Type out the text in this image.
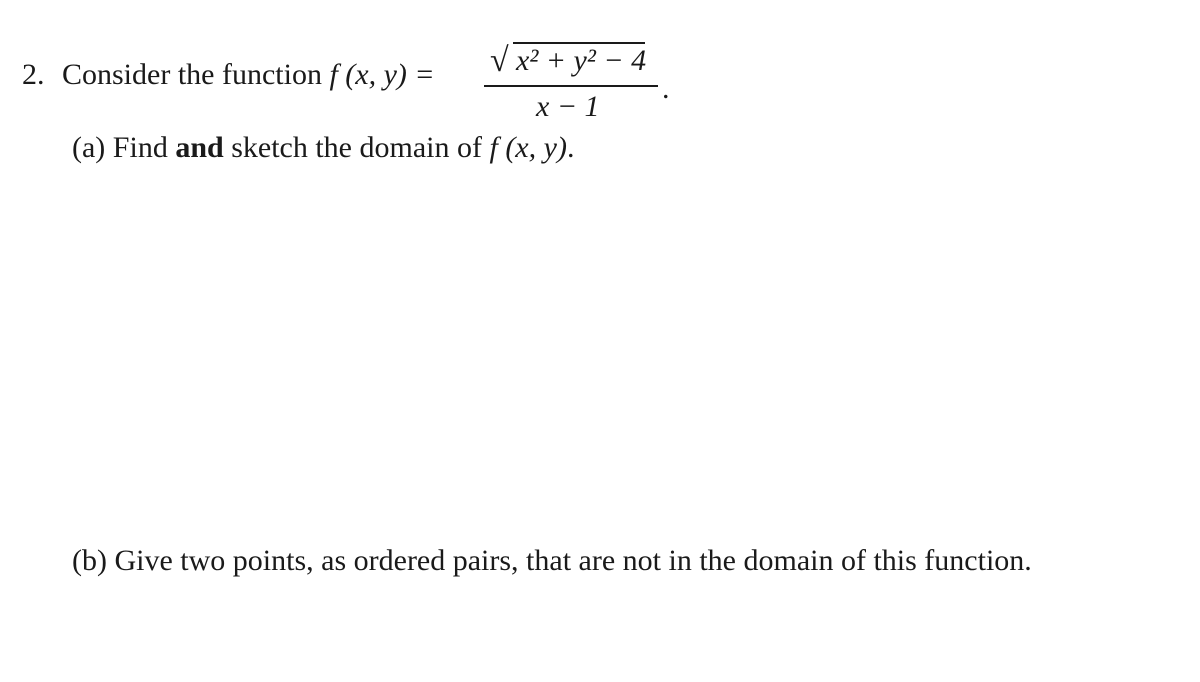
2. Consider the function f (x, y) = √ x² + y² − 4
x − 1
.
(a) Find and sketch the domain of f (x, y).
(b) Give two points, as ordered pairs, that are not in the domain of this function.
